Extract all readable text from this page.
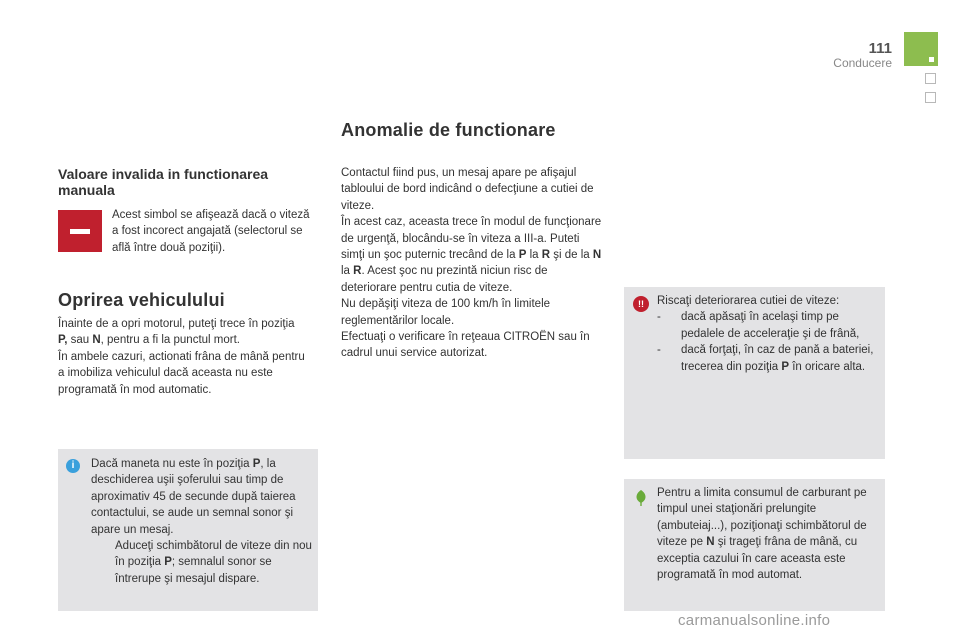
111
Conducere
Valoare invalida in functionarea manuala
Acest simbol se afişează dacă o viteză a fost incorect angajată (selectorul se află între două poziţii).
Oprirea vehiculului
Înainte de a opri motorul, puteţi trece în poziţia P, sau N, pentru a fi la punctul mort.
În ambele cazuri, actionati frâna de mână pentru a imobiliza vehiculul dacă aceasta nu este programată în mod automatic.
i	Dacă maneta nu este în poziţia P, la deschiderea uşii şoferului sau timp de aproximativ 45 de secunde după taierea contactului, se aude un semnal sonor şi apare un mesaj.
Aduceţi schimbătorul de viteze din nou în poziţia P; semnalul sonor se întrerupe şi mesajul dispare.
Anomalie de functionare
Contactul fiind pus, un mesaj apare pe afişajul tabloului de bord indicând o defecţiune a cutiei de viteze.
În acest caz, aceasta trece în modul de funcţionare de urgenţă, blocându-se în viteza a III-a. Puteti simţi un şoc puternic trecând de la P la R şi de la N la R. Acest şoc nu prezintă niciun risc de deteriorare pentru cutia de viteze.
Nu depăşiţi viteza de 100 km/h în limitele reglementărilor locale.
Efectuaţi o verificare în reţeaua CITROËN sau în cadrul unui service autorizat.
!!	Riscaţi deteriorarea cutiei de viteze:
-	dacă apăsaţi în acelaşi timp pe pedalele de acceleraţie şi de frână,
-	dacă forţaţi, în caz de pană a bateriei, trecerea din poziţia P în oricare alta.
Pentru a limita consumul de carburant pe timpul unei staţionări prelungite (ambuteiaj...), poziţionaţi schimbătorul de viteze pe N şi trageţi frâna de mână, cu exceptia cazului în care aceasta este programată în mod automat.
carmanualsonline.info
